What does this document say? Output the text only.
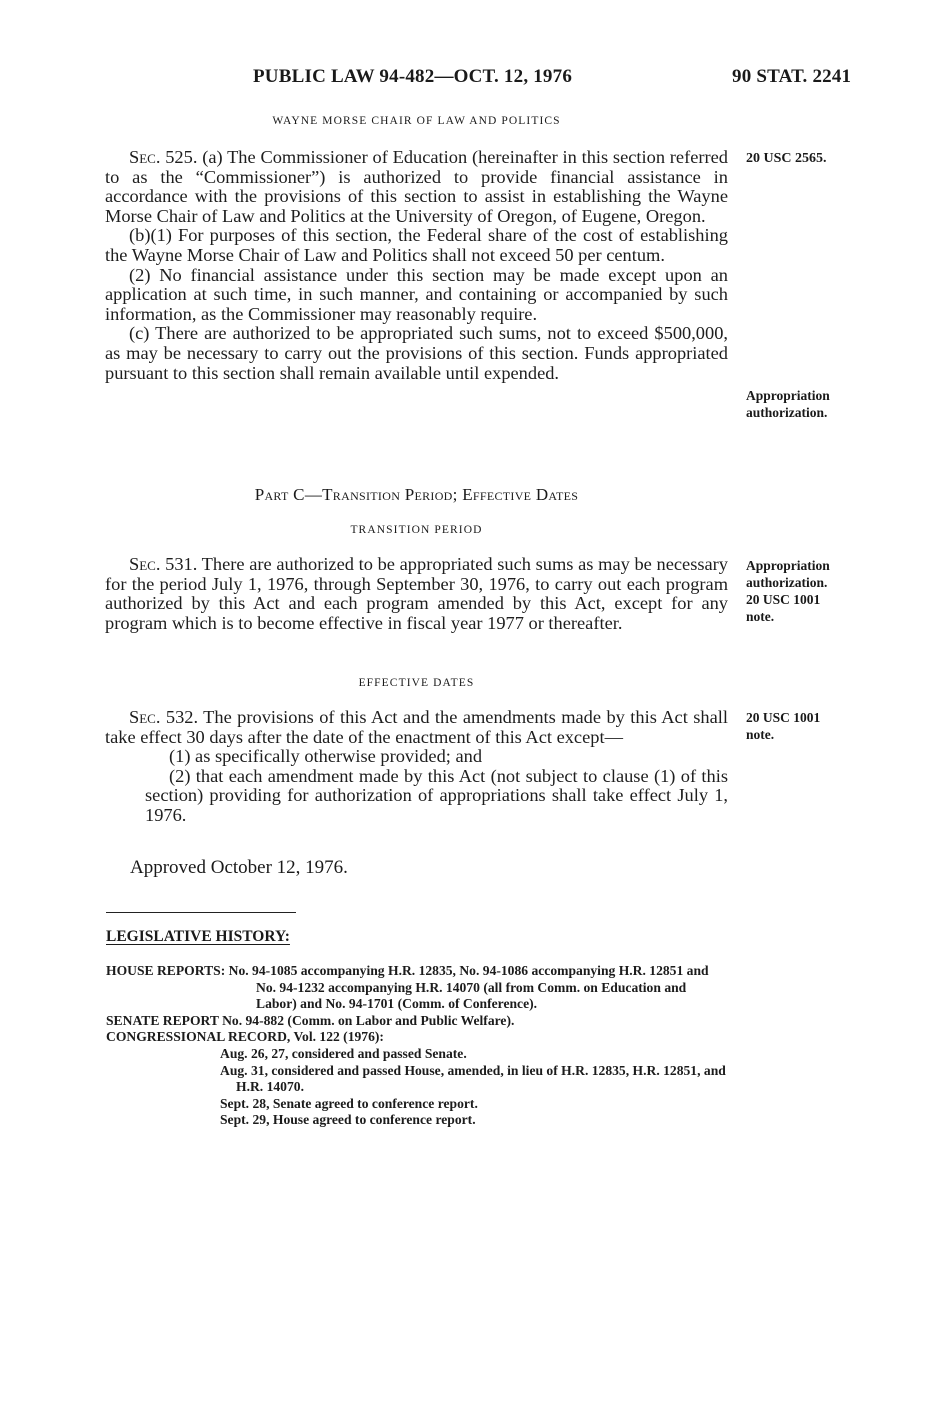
PUBLIC LAW 94-482—OCT. 12, 1976	90 STAT. 2241
WAYNE MORSE CHAIR OF LAW AND POLITICS
20 USC 2565.

Sec. 525. (a) The Commissioner of Education (hereinafter in this section referred to as the “Commissioner”) is authorized to provide financial assistance in accordance with the provisions of this section to assist in establishing the Wayne Morse Chair of Law and Politics at the University of Oregon, of Eugene, Oregon.

(b)(1) For purposes of this section, the Federal share of the cost of establishing the Wayne Morse Chair of Law and Politics shall not exceed 50 per centum.

(2) No financial assistance under this section may be made except upon an application at such time, in such manner, and containing or accompanied by such information, as the Commissioner may reasonably require.

(c) There are authorized to be appropriated such sums, not to exceed $500,000, as may be necessary to carry out the provisions of this section. Funds appropriated pursuant to this section shall remain available until expended.

Appropriation
authorization.
Part C—Transition Period; Effective Dates
TRANSITION PERIOD

Sec. 531. There are authorized to be appropriated such sums as may be necessary for the period July 1, 1976, through September 30, 1976, to carry out each program authorized by this Act and each program amended by this Act, except for any program which is to become effective in fiscal year 1977 or thereafter.

Appropriation
authorization.
20 USC 1001
note.
EFFECTIVE DATES

Sec. 532. The provisions of this Act and the amendments made by this Act shall take effect 30 days after the date of the enactment of this Act except—

(1) as specifically otherwise provided; and

(2) that each amendment made by this Act (not subject to clause (1) of this section) providing for authorization of appropriations shall take effect July 1, 1976.

20 USC 1001
note.
Approved October 12, 1976.
LEGISLATIVE HISTORY:

HOUSE REPORTS: No. 94-1085 accompanying H.R. 12835, No. 94-1086 accompanying H.R. 12851 and No. 94-1232 accompanying H.R. 14070 (all from Comm. on Education and Labor) and No. 94-1701 (Comm. of Conference).

SENATE REPORT No. 94-882 (Comm. on Labor and Public Welfare).

CONGRESSIONAL RECORD, Vol. 122 (1976):

Aug. 26, 27, considered and passed Senate.

Aug. 31, considered and passed House, amended, in lieu of H.R. 12835, H.R. 12851, and H.R. 14070.

Sept. 28, Senate agreed to conference report.

Sept. 29, House agreed to conference report.
